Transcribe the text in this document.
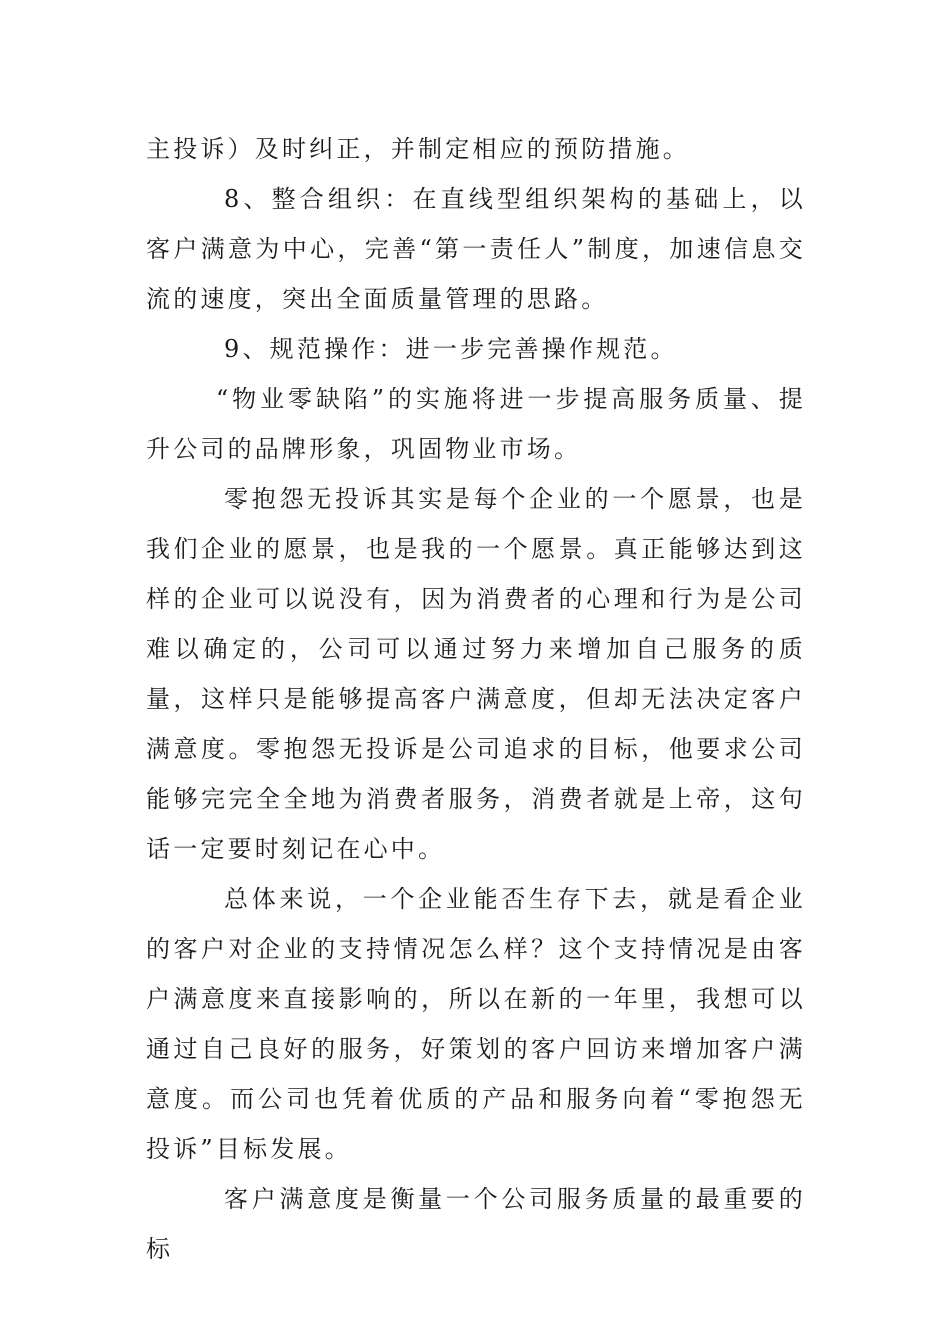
主投诉）及时纠正，并制定相应的预防措施。

8、整合组织：在直线型组织架构的基础上，以客户满意为中心，完善“第一责任人”制度，加速信息交流的速度，突出全面质量管理的思路。

9、规范操作：进一步完善操作规范。

“物业零缺陷”的实施将进一步提高服务质量、提升公司的品牌形象，巩固物业市场。

零抱怨无投诉其实是每个企业的一个愿景，也是我们企业的愿景，也是我的一个愿景。真正能够达到这样的企业可以说没有，因为消费者的心理和行为是公司难以确定的，公司可以通过努力来增加自己服务的质量，这样只是能够提高客户满意度，但却无法决定客户满意度。零抱怨无投诉是公司追求的目标，他要求公司能够完完全全地为消费者服务，消费者就是上帝，这句话一定要时刻记在心中。

总体来说，一个企业能否生存下去，就是看企业的客户对企业的支持情况怎么样？这个支持情况是由客户满意度来直接影响的，所以在新的一年里，我想可以通过自己良好的服务，好策划的客户回访来增加客户满意度。而公司也凭着优质的产品和服务向着“零抱怨无投诉”目标发展。

客户满意度是衡量一个公司服务质量的最重要的标
